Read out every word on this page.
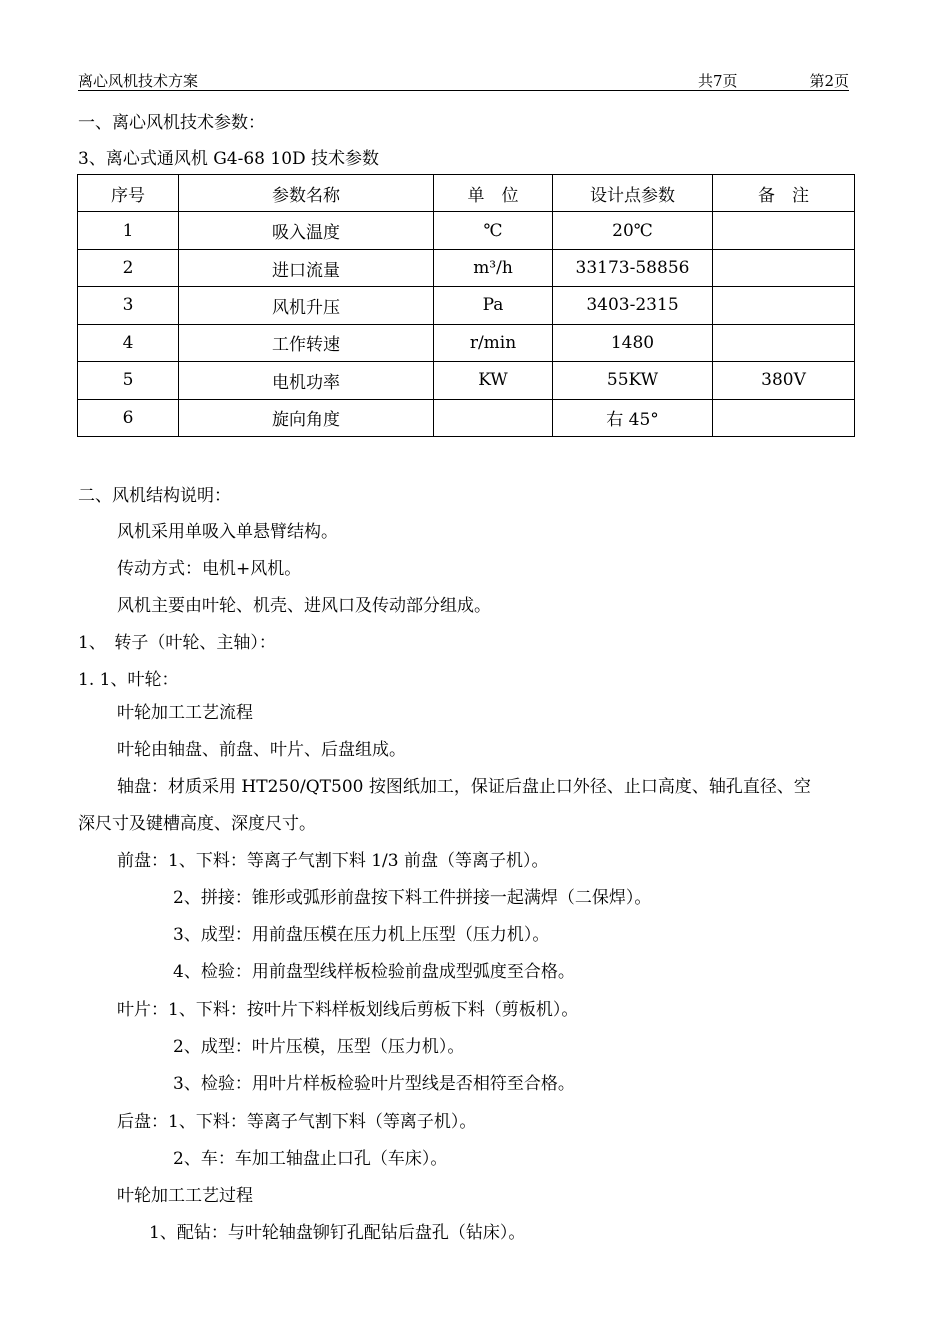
离心风机技术方案	共7页	第2页
一、离心风机技术参数：
3、离心式通风机 G4-68 10D 技术参数
序号	参数名称	单　位	设计点参数	备　注
1	吸入温度	℃	20℃	
2	进口流量	m³/h	33173-58856	
3	风机升压	Pa	3403-2315	
4	工作转速	r/min	1480	
5	电机功率	KW	55KW	380V
6	旋向角度		右 45°	
二、风机结构说明：
风机采用单吸入单悬臂结构。
传动方式：电机+风机。
风机主要由叶轮、机壳、进风口及传动部分组成。
1、　转子（叶轮、主轴）：
1. 1、叶轮：
叶轮加工工艺流程
叶轮由轴盘、前盘、叶片、后盘组成。
轴盘：材质采用 HT250/QT500 按图纸加工，保证后盘止口外径、止口高度、轴孔直径、空
深尺寸及键槽高度、深度尺寸。
前盘：1、下料：等离子气割下料 1/3 前盘（等离子机）。
2、拼接：锥形或弧形前盘按下料工件拼接一起满焊（二保焊）。
3、成型：用前盘压模在压力机上压型（压力机）。
4、检验：用前盘型线样板检验前盘成型弧度至合格。
叶片：1、下料：按叶片下料样板划线后剪板下料（剪板机）。
2、成型：叶片压模，压型（压力机）。
3、检验：用叶片样板检验叶片型线是否相符至合格。
后盘：1、下料：等离子气割下料（等离子机）。
2、车：车加工轴盘止口孔（车床）。
叶轮加工工艺过程
1、配钻：与叶轮轴盘铆钉孔配钻后盘孔（钻床）。
